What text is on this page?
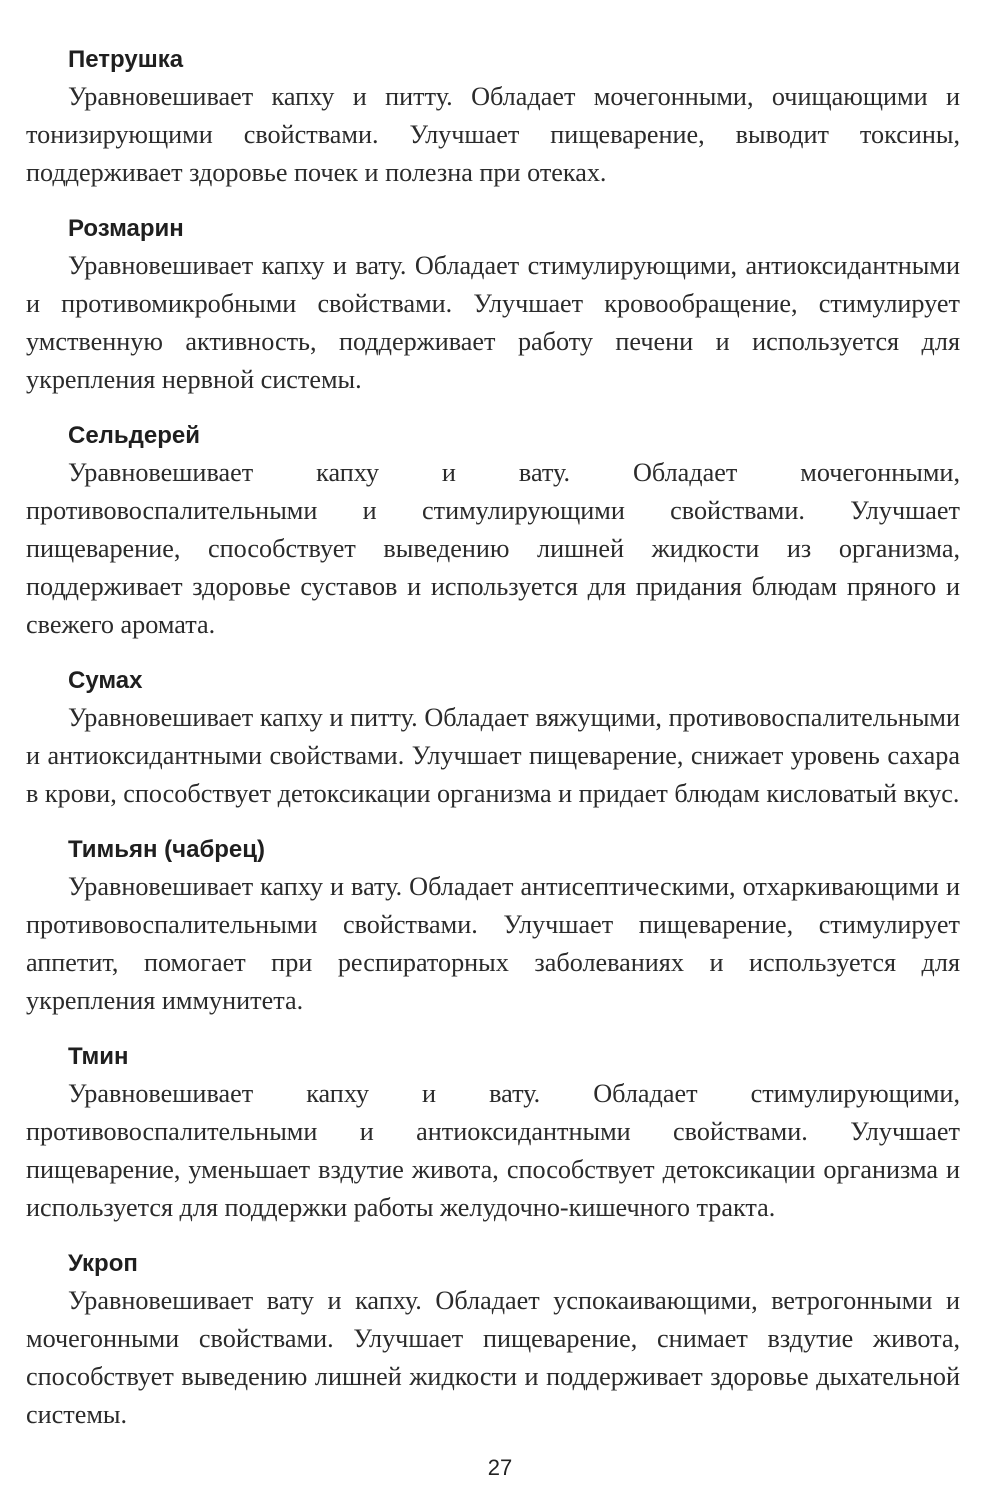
Петрушка

Уравновешивает капху и питту. Обладает мочегонными, очищающими и тонизирующими свойствами. Улучшает пищеварение, выводит токсины, поддерживает здоровье почек и полезна при отеках.

Розмарин

Уравновешивает капху и вату. Обладает стимулирующими, антиоксидантными и противомикробными свойствами. Улучшает кровообращение, стимулирует умственную активность, поддерживает работу печени и используется для укрепления нервной системы.

Сельдерей

Уравновешивает капху и вату. Обладает мочегонными, противовоспалительными и стимулирующими свойствами. Улучшает пищеварение, способствует выведению лишней жидкости из организма, поддерживает здоровье суставов и используется для придания блюдам пряного и свежего аромата.

Сумах

Уравновешивает капху и питту. Обладает вяжущими, противовоспалительными и антиоксидантными свойствами. Улучшает пищеварение, снижает уровень сахара в крови, способствует детоксикации организма и придает блюдам кисловатый вкус.

Тимьян (чабрец)

Уравновешивает капху и вату. Обладает антисептическими, отхаркивающими и противовоспалительными свойствами. Улучшает пищеварение, стимулирует аппетит, помогает при респираторных заболеваниях и используется для укрепления иммунитета.

Тмин

Уравновешивает капху и вату. Обладает стимулирующими, противовоспалительными и антиоксидантными свойствами. Улучшает пищеварение, уменьшает вздутие живота, способствует детоксикации организма и используется для поддержки работы желудочно-кишечного тракта.

Укроп

Уравновешивает вату и капху. Обладает успокаивающими, ветрогонными и мочегонными свойствами. Улучшает пищеварение, снимает вздутие живота, способствует выведению лишней жидкости и поддерживает здоровье дыхательной системы.

27
